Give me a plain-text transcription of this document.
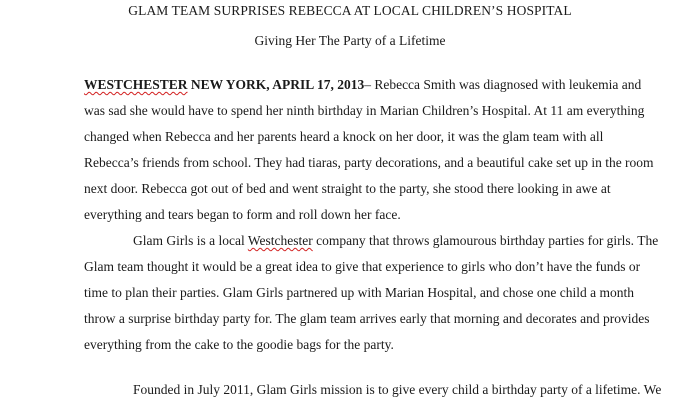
GLAM TEAM SURPRISES REBECCA AT LOCAL CHILDREN’S HOSPITAL
Giving Her The Party of a Lifetime
WESTCHESTER NEW YORK, APRIL 17, 2013– Rebecca Smith was diagnosed with leukemia and
was sad she would have to spend her ninth birthday in Marian Children’s Hospital. At 11 am everything
changed when Rebecca and her parents heard a knock on her door, it was the glam team with all
Rebecca’s friends from school. They had tiaras, party decorations, and a beautiful cake set up in the room
next door. Rebecca got out of bed and went straight to the party, she stood there looking in awe at
everything and tears began to form and roll down her face.
Glam Girls is a local Westchester company that throws glamourous birthday parties for girls. The
Glam team thought it would be a great idea to give that experience to girls who don’t have the funds or
time to plan their parties. Glam Girls partnered up with Marian Hospital, and chose one child a month
throw a surprise birthday party for. The glam team arrives early that morning and decorates and provides
everything from the cake to the goodie bags for the party.
Founded in July 2011, Glam Girls mission is to give every child a birthday party of a lifetime. We
